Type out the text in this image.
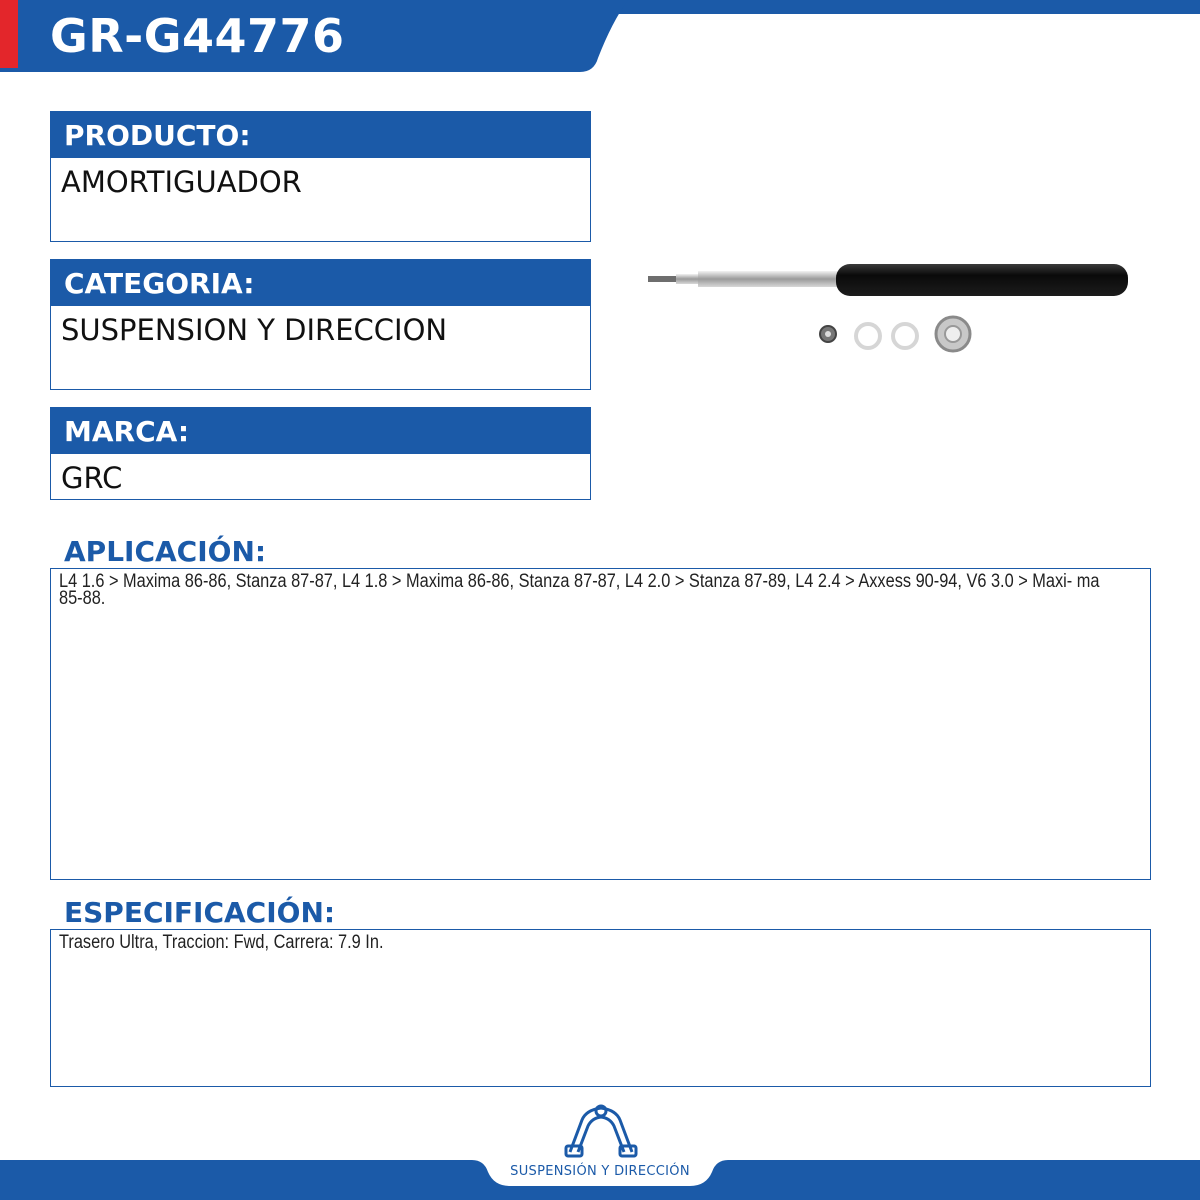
GR-G44776
PRODUCTO:
AMORTIGUADOR
CATEGORIA:
SUSPENSION Y DIRECCION
MARCA:
GRC
APLICACIÓN:
L4 1.6 > Maxima 86-86, Stanza 87-87, L4 1.8 > Maxima 86-86, Stanza 87-87, L4 2.0 > Stanza 87-89, L4 2.4 > Axxess 90-94, V6 3.0 > Maxi- ma 85-88.
ESPECIFICACIÓN:
Trasero Ultra, Traccion: Fwd, Carrera: 7.9 In.
SUSPENSIÓN Y DIRECCIÓN
